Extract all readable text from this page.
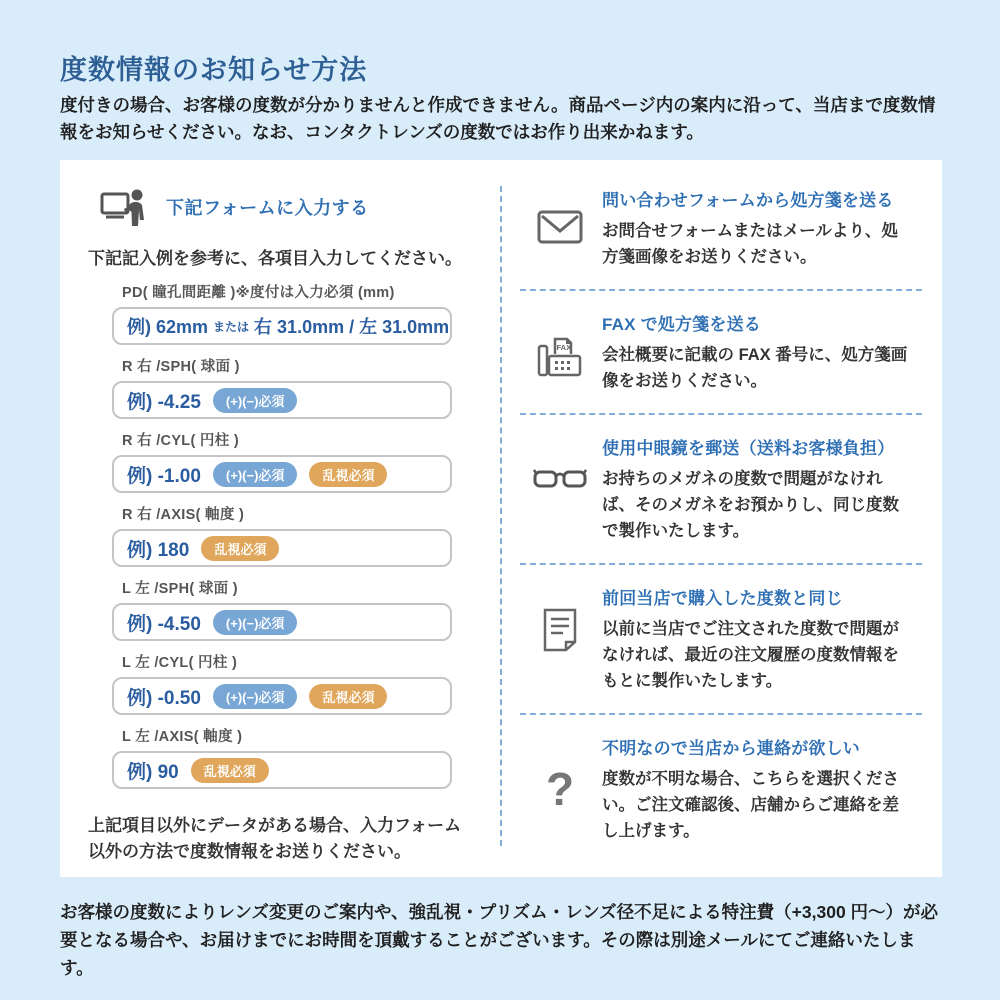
度数情報のお知らせ方法
度付きの場合、お客様の度数が分かりませんと作成できません。商品ページ内の案内に沿って、当店まで度数情報をお知らせください。なお、コンタクトレンズの度数ではお作り出来かねます。
下記フォームに入力する
下記記入例を参考に、各項目入力してください。
PD( 瞳孔間距離 )※度付は入力必須 (mm)
例) 62mm または 右 31.0mm / 左 31.0mm
R 右 /SPH( 球面 )
例) -4.25	(+)(−)必須
R 右 /CYL( 円柱 )
例) -1.00	(+)(−)必須	乱視必須
R 右 /AXIS( 軸度 )
例) 180	乱視必須
L 左 /SPH( 球面 )
例) -4.50	(+)(−)必須
L 左 /CYL( 円柱 )
例) -0.50	(+)(−)必須	乱視必須
L 左 /AXIS( 軸度 )
例) 90	乱視必須
上記項目以外にデータがある場合、入力フォーム以外の方法で度数情報をお送りください。
問い合わせフォームから処方箋を送る
お問合せフォームまたはメールより、処方箋画像をお送りください。
FAX
FAX で処方箋を送る
会社概要に記載の FAX 番号に、処方箋画像をお送りください。
使用中眼鏡を郵送（送料お客様負担）
お持ちのメガネの度数で問題がなければ、そのメガネをお預かりし、同じ度数で製作いたします。
前回当店で購入した度数と同じ
以前に当店でご注文された度数で問題がなければ、最近の注文履歴の度数情報をもとに製作いたします。
?
不明なので当店から連絡が欲しい
度数が不明な場合、こちらを選択ください。ご注文確認後、店舗からご連絡を差し上げます。
お客様の度数によりレンズ変更のご案内や、強乱視・プリズム・レンズ径不足による特注費（+3,300 円〜）が必要となる場合や、お届けまでにお時間を頂戴することがございます。その際は別途メールにてご連絡いたします。
